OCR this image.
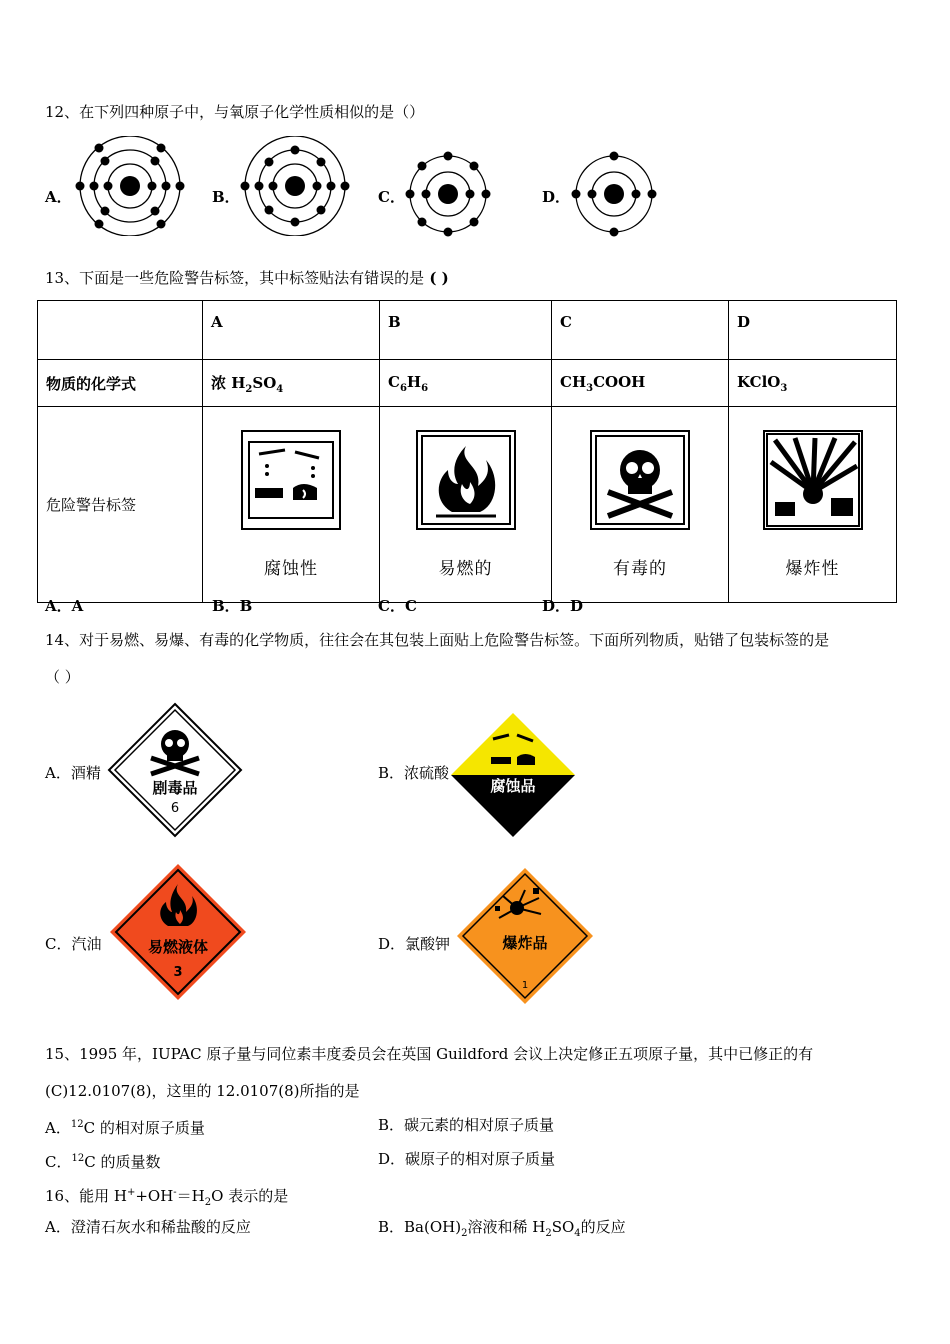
12、在下列四种原子中，与氧原子化学性质相似的是（）
A．	B．	C．	D．
13、下面是一些危险警告标签，其中标签贴法有错误的是 ( )
	A	B	C	D
物质的化学式	浓 $H_2SO_4$	$C_6H_6$	$CH_3COOH$	KClO$_3$
危险警告标签	腐蚀性	易燃的	有毒的	爆炸性
A．A	B．B	C．C	D．D
14、对于易燃、易爆、有毒的化学物质，往往会在其包装上面贴上危险警告标签。下面所列物质，贴错了包装标签的是
（ ）
A．酒精
剧毒品
6
B．浓硫酸
腐蚀品
C．汽油	易燃液体
3
D．氯酸钾	爆炸品
1
15、1995 年，IUPAC 原子量与同位素丰度委员会在英国 Guildford 会议上决定修正五项原子量，其中已修正的有
(C)12.0107(8)，这里的 12.0107(8)所指的是
A．$^{12}$C 的相对原子质量	B．碳元素的相对原子质量
C．$^{12}$C 的质量数	D．碳原子的相对原子质量
16、能用 $H^++OH^-=H_2O$ 表示的是
A．澄清石灰水和稀盐酸的反应	B．$Ba(OH)_2$溶液和稀 $H_2SO_4$的反应
